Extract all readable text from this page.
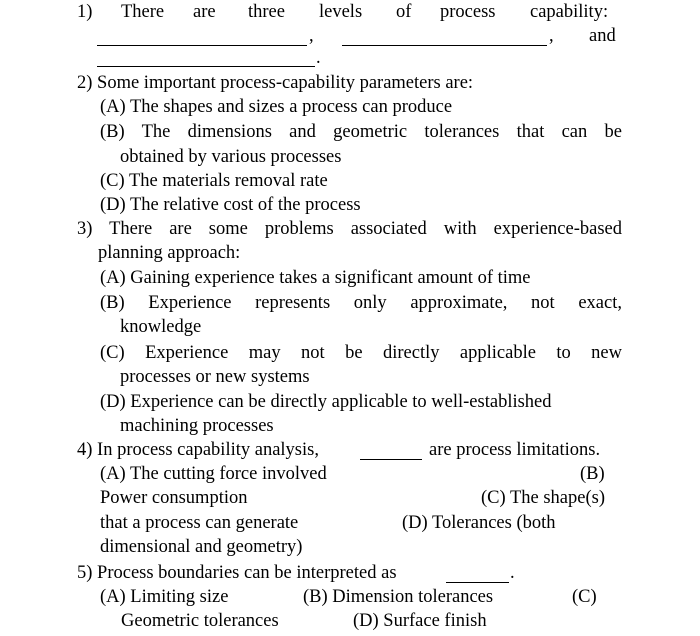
1) There are three levels of process capability:
,	, and
.
2) Some important process-capability parameters are:
(A) The shapes and sizes a process can produce
(B) The dimensions and geometric tolerances that can be
obtained by various processes
(C) The materials removal rate
(D) The relative cost of the process
3) There are some problems associated with experience-based
planning approach:
(A) Gaining experience takes a significant amount of time
(B) Experience represents only approximate, not exact,
knowledge
(C) Experience may not be directly applicable to new
processes or new systems
(D) Experience can be directly applicable to well-established
machining processes
4) In process capability analysis,	are process limitations.
(A) The cutting force involved	(B)
Power consumption	(C) The shape(s)
that a process can generate	(D) Tolerances (both
dimensional and geometry)
5) Process boundaries can be interpreted as	.
(A) Limiting size	(B) Dimension tolerances	(C)
Geometric tolerances	(D) Surface finish
